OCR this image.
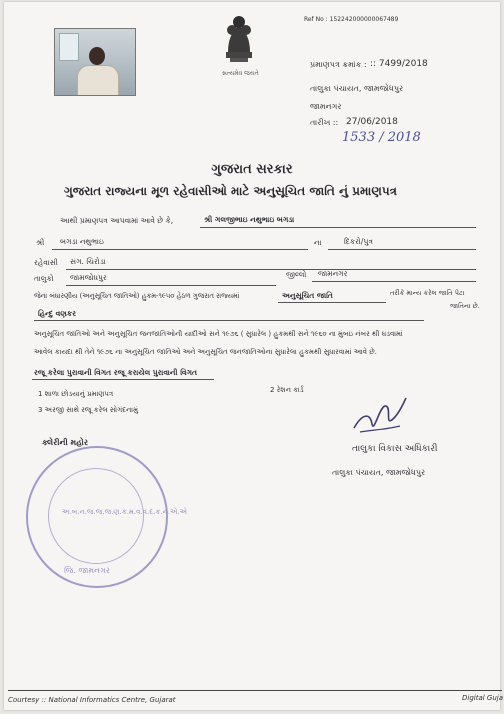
સત્યમેવ જયતે
Ref No : 152242000000067489
પ્રમાણપત્ર ક્રમાંક : :: 7499/2018
તાલુકા પંચાયત, જામજોધપુર
જામનગર
તારીખ :: 27/06/2018
1533 / 2018
ગુજરાત સરકાર
ગુજરાત રાજ્યના મૂળ રહેવાસીઓ માટે અનુસૂચિત જાતિ નું પ્રમાણપત્ર
આથી પ્રમાણપત્ર આપવામાં આવે છે કે,	શ્રી ગલજીભાઇ નથુભાઇ બગડા
શ્રી બગડા નથુભાઇ	ના	દિકરો/પુત્ર
રહેવાસી સંગ. ચિરોડા
તાલુકો જામજોધપુર	જીલ્લો જામનગર
જેના બંધારણીય (અનુસૂચિત જાતિઓ) હુકમ-૧૯૫૦ હેઠળ ગુજરાત રાજ્યમાં	અનુસૂચિત જાતિ	તરીકે માન્ય કરેલ જાતિ પેટા
જાતિના છે.
હિન્દુ વણકર
અનુસૂચિત જાતિઓ અને અનુસૂચિત જનજાતિઓની યાદીઓ સને ૧૯૭૬ ( સુધારેલ ) હુકમથી સને ૧૯૬૦ ના મુંબઇ નંબર થી ઘડવામાં
આવેલ કાયદા થી તેને ૧૯૭૬ ના અનુસૂચિત જાતિઓ અને અનુસૂચિત જનજાતિઓના સુધારેલા હુકમથી સુધારવામાં આવે છે.
રજૂ કરેલા પુરાવાની વિગત રજૂ કરાયેલ પુરાવાની વિગત
1 શાળા છોડયાનું પ્રમાણપત્ર	2 રેશન કાર્ડ
3 અરજી સાથે રજૂ કરેલ સોગંદનામું
તાલુકા વિકાસ અધિકારી
તાલુકા પંચાયત, જામજોધપુર
ક્લેરીની મહોર
અ.બ.ન.જ.જ.જ.ણ.ક.મ.વ.વ.દ.ક.ન.એ.એ
જિ. જામનગર
Courtesy :: National Informatics Centre, Gujarat	Digital Guja
